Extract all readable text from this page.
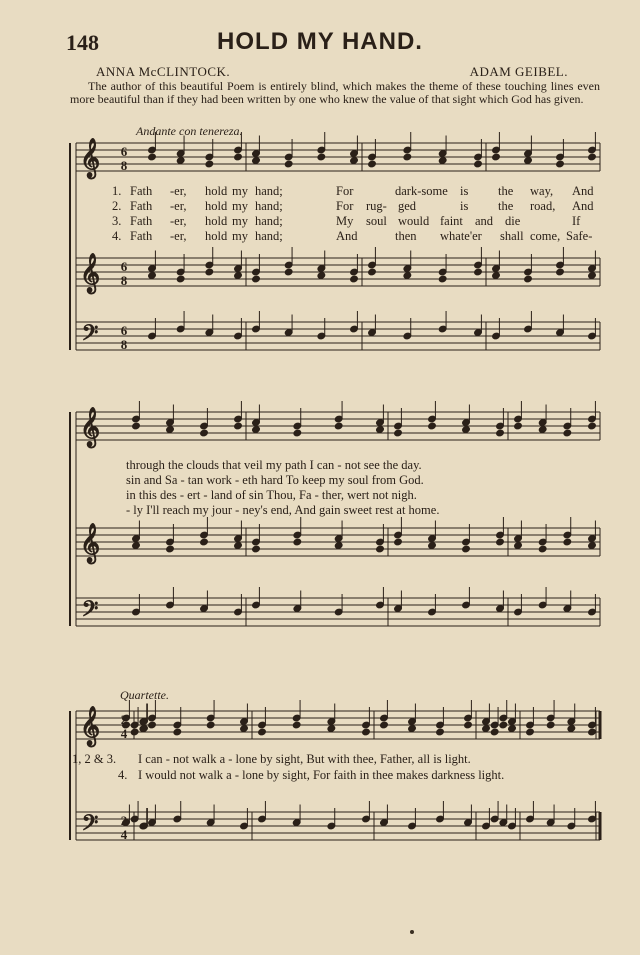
148	HOLD MY HAND.
ANNA McCLINTOCK.	ADAM GEIBEL.
The author of this beautiful Poem is entirely blind, which makes the theme of these touching lines even more beautiful than if they had been written by one who knew the value of that sight which God has given.
Andante con tenereza.
Quartette.
𝄞
𝄞
𝄢
𝄞
𝄞
𝄢
𝄞
𝄢
6
8
6
8
6
8
2
4
2
4
1.
2.
3.
4.
Fath -er, hold my hand;	For	dark-some is the way, And
Fath -er, hold my hand;	For rug- ged	is the road, And
Fath -er, hold my hand;	My soul would faint and die	If
Fath -er, hold my hand;	And	then whate'er shall come, Safe-
through the clouds that veil my path I can - not see the day.
sin and Sa - tan work - eth hard To keep my soul from God.
in this des - ert - land of sin Thou, Fa - ther, wert not nigh.
- ly I'll reach my jour - ney's end, And gain sweet rest at home.
1, 2 & 3. I can - not walk a - lone by sight, But with thee, Father, all is light.
4. I would not walk a - lone by sight, For faith in thee makes darkness light.
